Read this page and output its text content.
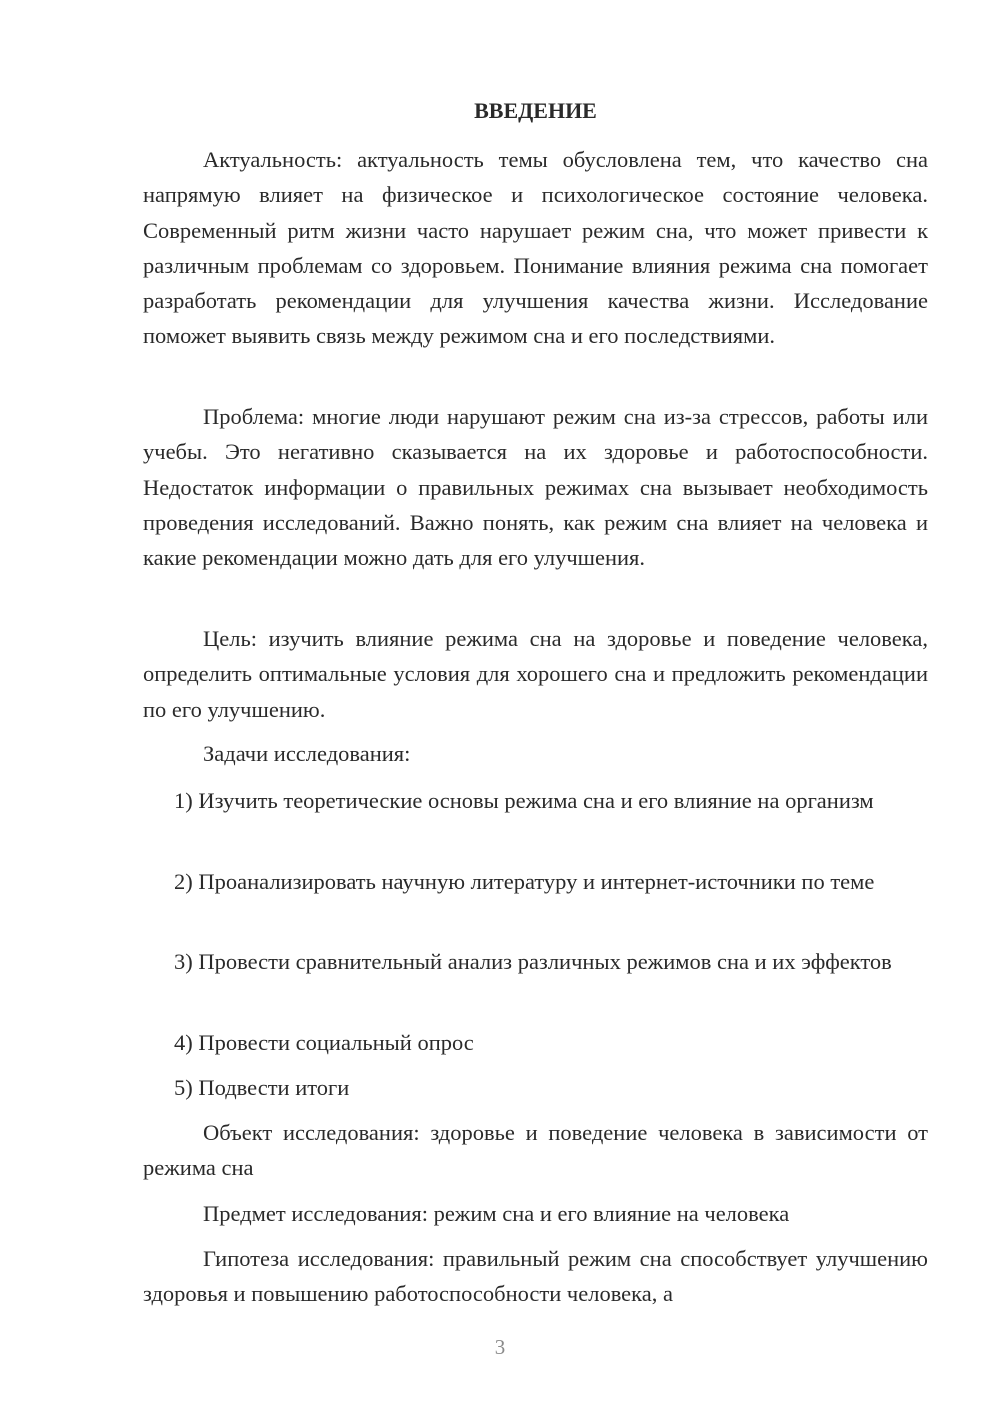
ВВЕДЕНИЕ

Актуальность: актуальность темы обусловлена тем, что качество сна напрямую влияет на физическое и психологическое состояние человека. Современный ритм жизни часто нарушает режим сна, что может привести к различным проблемам со здоровьем. Понимание влияния режима сна помогает разработать рекомендации для улучшения качества жизни. Исследование поможет выявить связь между режимом сна и его последствиями.

Проблема: многие люди нарушают режим сна из-за стрессов, работы или учебы. Это негативно сказывается на их здоровье и работоспособности. Недостаток информации о правильных режимах сна вызывает необходимость проведения исследований. Важно понять, как режим сна влияет на человека и какие рекомендации можно дать для его улучшения.

Цель: изучить влияние режима сна на здоровье и поведение человека, определить оптимальные условия для хорошего сна и предложить рекомендации по его улучшению.

Задачи исследования:

1) Изучить теоретические основы режима сна и его влияние на организм

2) Проанализировать научную литературу и интернет-источники по теме

3) Провести сравнительный анализ различных режимов сна и их эффектов

4) Провести социальный опрос

5) Подвести итоги

Объект исследования: здоровье и поведение человека в зависимости от режима сна

Предмет исследования: режим сна и его влияние на человека

Гипотеза исследования: правильный режим сна способствует улучшению здоровья и повышению работоспособности человека, а

3
